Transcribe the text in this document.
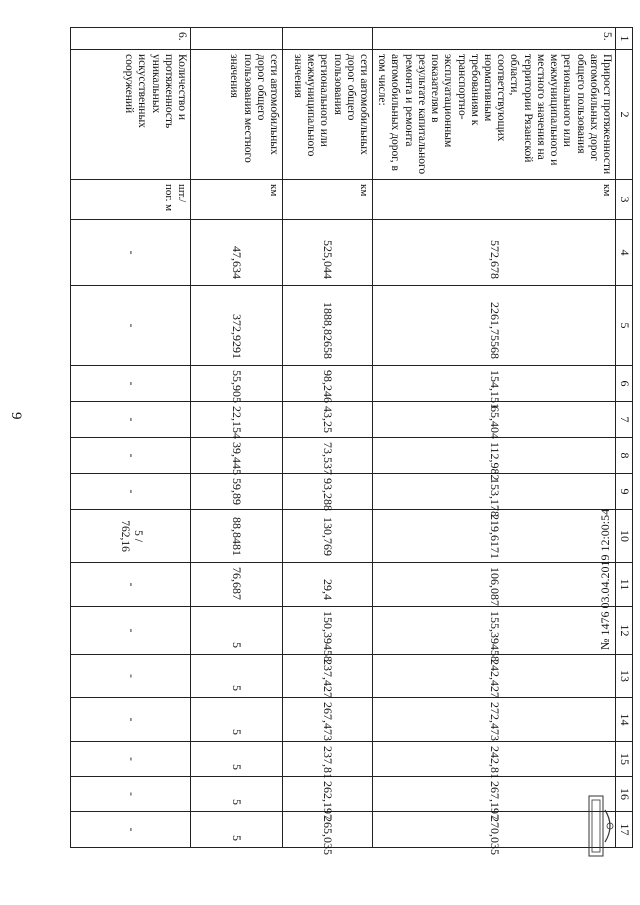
9
1	2	3	4	5	6	7	8	9	10	11	12	13	14	15	16	17
5.	Прирост протяженности автомобильных дорог общего пользования регионального или межмуниципального и местного значения на территории Рязанской области, соответствующих нормативным требованиям к транспортно-эксплуатационным показателям в результате капитального ремонта и ремонта автомобильных дорог, в том числе:	км	572,678	2261,75568	154,151	65,404	112,982	153,178	219,6171	106,087	155,39458	242,427	272,473	242,81	267,197	270,035
	сети автомобильных дорог общего пользования регионального или межмуниципального значения	км	525,044	1888,82658	98,246	43,25	73,537	93,288	130,769	29,4	150,39458	237,427	267,473	237,81	262,197	265,035
	сети автомобильных дорог общего пользования местного значения	км	47,634	372,9291	55,905	22,154	39,445	59,89	88,8481	76,687	5	5	5	5	5	5
6.	Количество и протяженность уникальных искусственных сооружений	шт./ пог. м	-	-	-	-	-	-	5 / 762,16	-	-	-	-	-	-	-
№ 1476 03.04.2019 12:00:54
